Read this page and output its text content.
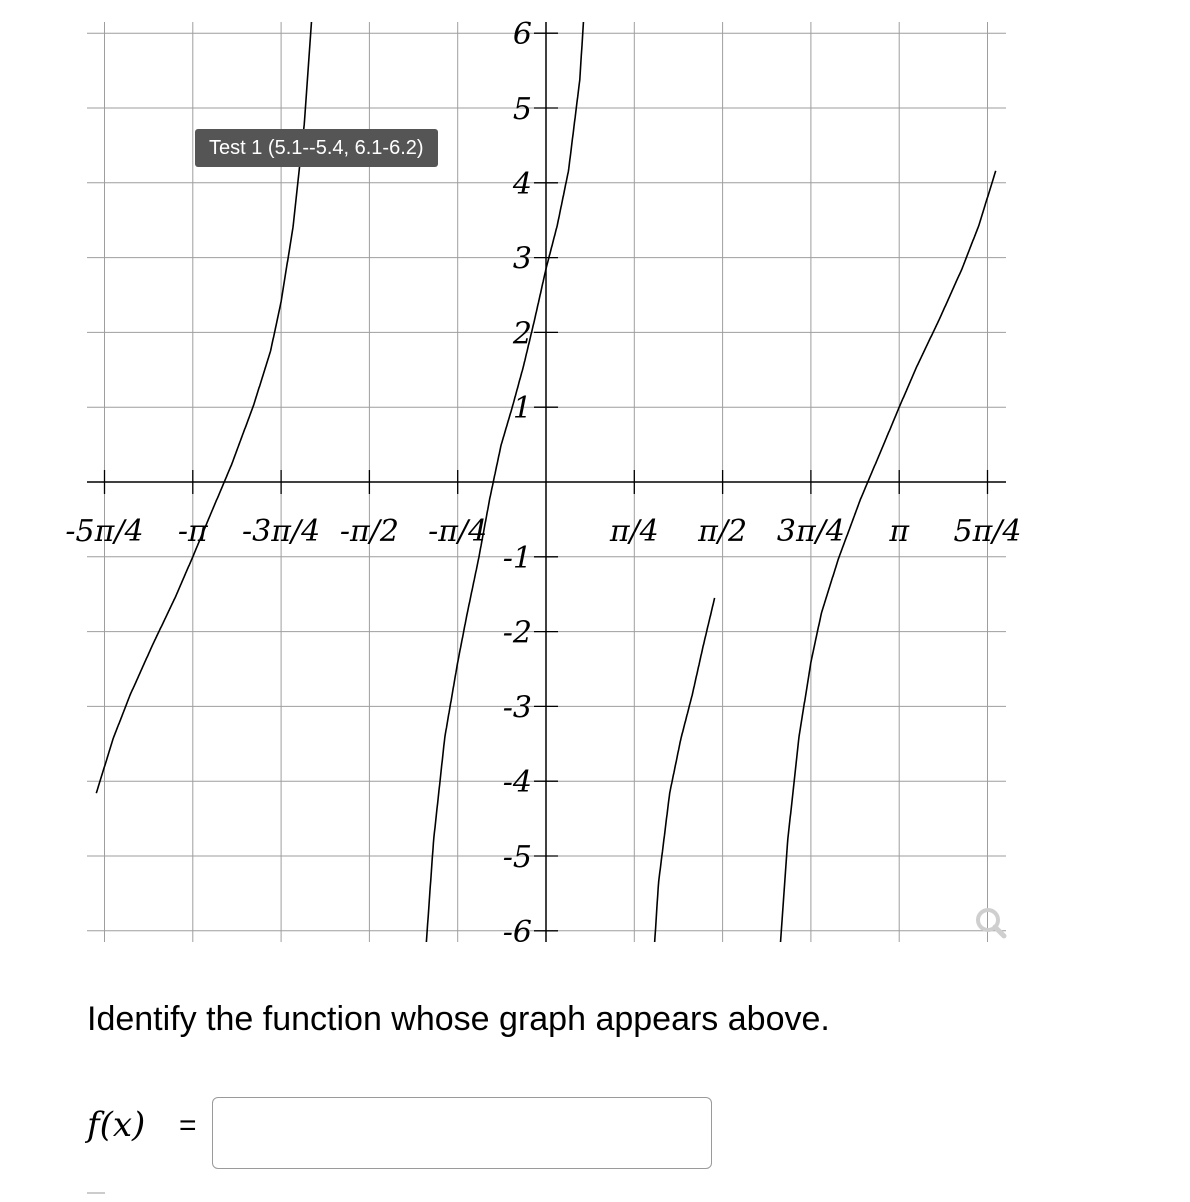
-5π/4 -π -3π/4 -π/2 -π/4	π/4 π/2 3π/4 π 5π/4
6
5
4
3
2
1
-1
-2
-3
-4
-5
-6
Test 1 (5.1--5.4, 6.1-6.2)
Identify the function whose graph appears above.
f(x) =
